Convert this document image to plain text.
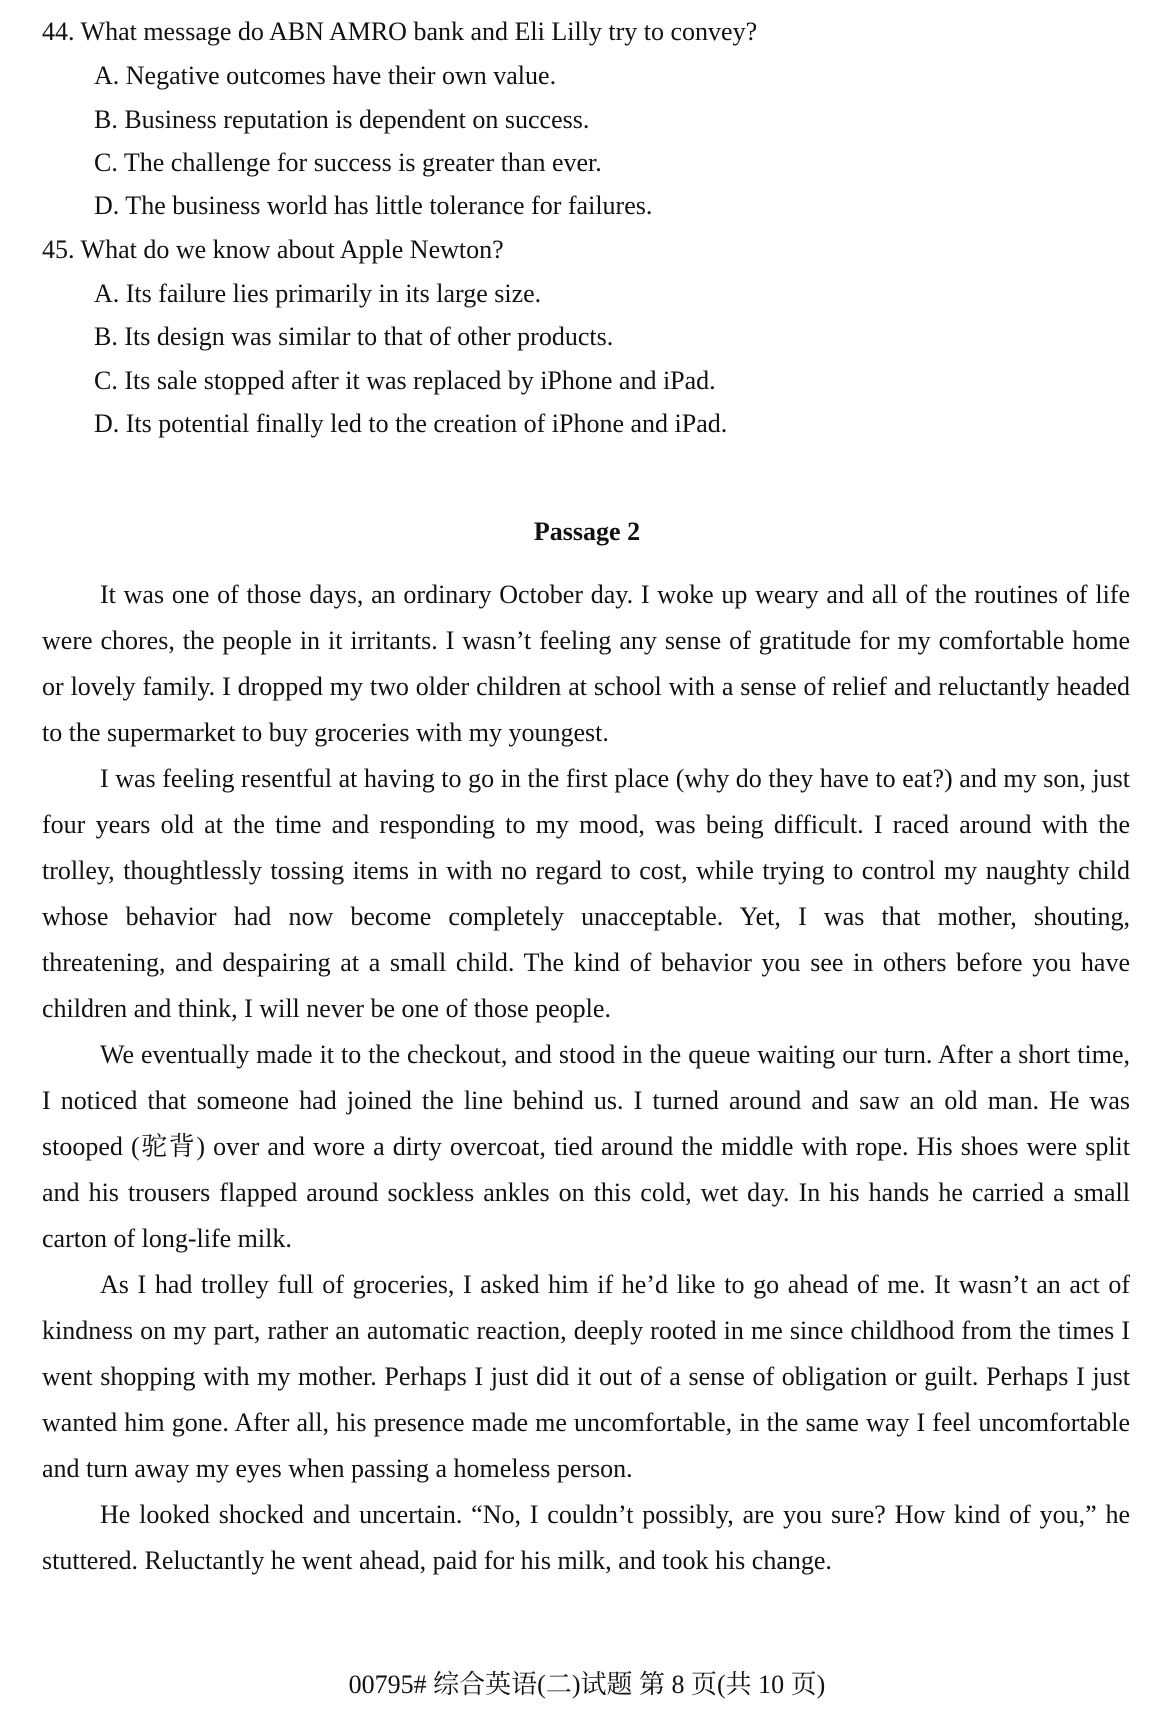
44. What message do ABN AMRO bank and Eli Lilly try to convey?
A. Negative outcomes have their own value.
B. Business reputation is dependent on success.
C. The challenge for success is greater than ever.
D. The business world has little tolerance for failures.
45. What do we know about Apple Newton?
A. Its failure lies primarily in its large size.
B. Its design was similar to that of other products.
C. Its sale stopped after it was replaced by iPhone and iPad.
D. Its potential finally led to the creation of iPhone and iPad.
Passage 2

It was one of those days, an ordinary October day. I woke up weary and all of the routines of life were chores, the people in it irritants. I wasn’t feeling any sense of gratitude for my comfortable home or lovely family. I dropped my two older children at school with a sense of relief and reluctantly headed to the supermarket to buy groceries with my youngest.

I was feeling resentful at having to go in the first place (why do they have to eat?) and my son, just four years old at the time and responding to my mood, was being difficult. I raced around with the trolley, thoughtlessly tossing items in with no regard to cost, while trying to control my naughty child whose behavior had now become completely unacceptable. Yet, I was that mother, shouting, threatening, and despairing at a small child. The kind of behavior you see in others before you have children and think, I will never be one of those people.

We eventually made it to the checkout, and stood in the queue waiting our turn. After a short time, I noticed that someone had joined the line behind us. I turned around and saw an old man. He was stooped (驼背) over and wore a dirty overcoat, tied around the middle with rope. His shoes were split and his trousers flapped around sockless ankles on this cold, wet day. In his hands he carried a small carton of long-life milk.

As I had trolley full of groceries, I asked him if he’d like to go ahead of me. It wasn’t an act of kindness on my part, rather an automatic reaction, deeply rooted in me since childhood from the times I went shopping with my mother. Perhaps I just did it out of a sense of obligation or guilt. Perhaps I just wanted him gone. After all, his presence made me uncomfortable, in the same way I feel uncomfortable and turn away my eyes when passing a homeless person.

He looked shocked and uncertain. “No, I couldn’t possibly, are you sure? How kind of you,” he stuttered. Reluctantly he went ahead, paid for his milk, and took his change.

00795# 综合英语(二)试题 第 8 页(共 10 页)
